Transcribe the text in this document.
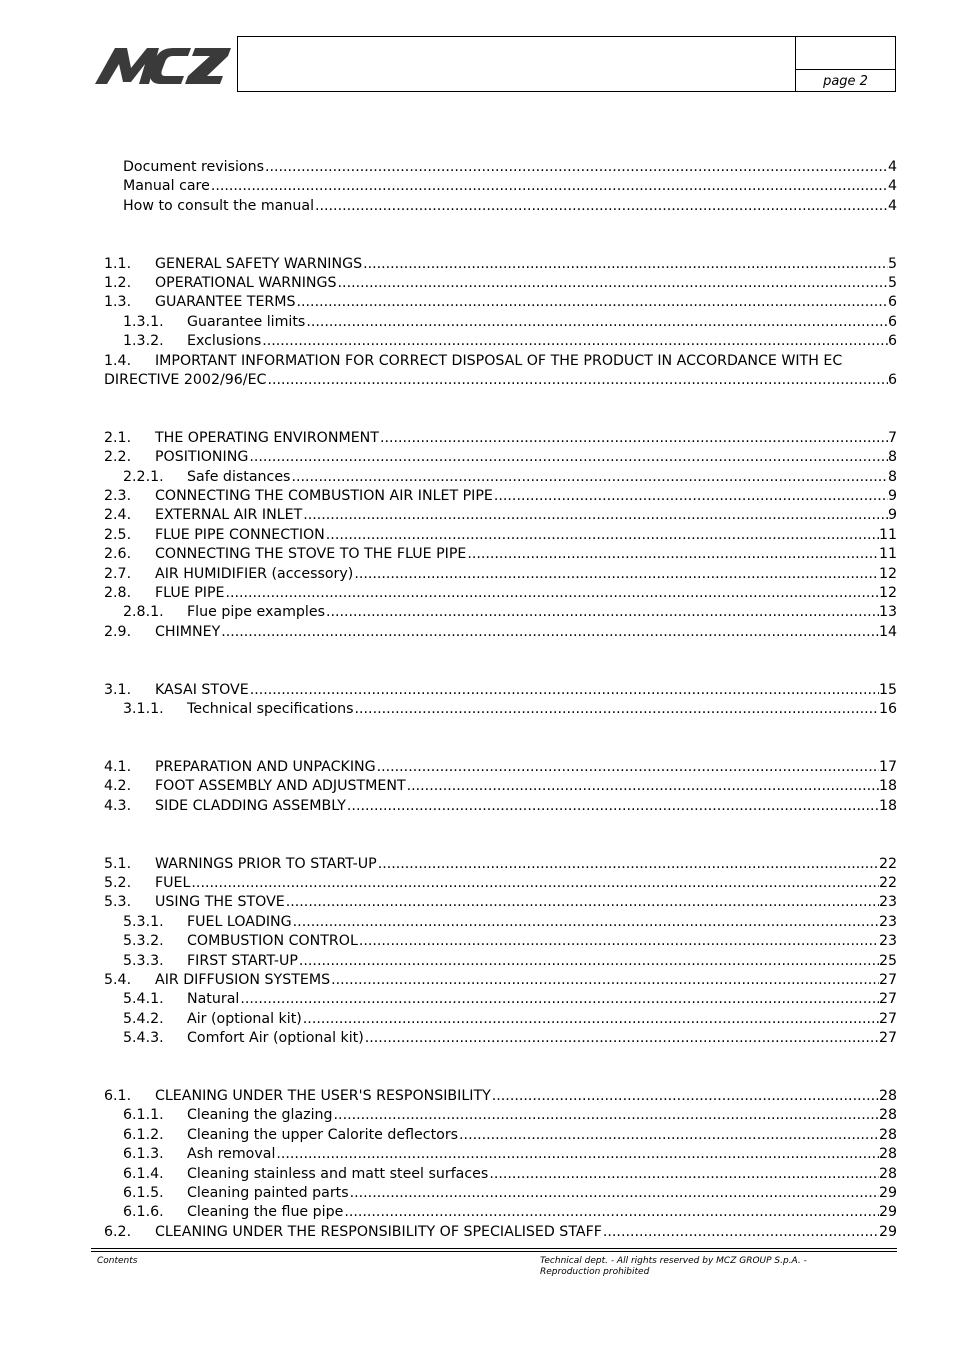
page 2
Document revisions .....	4
Manual care .....	4
How to consult the manual .....	4
1.1.	GENERAL SAFETY WARNINGS .....	5
1.2.	OPERATIONAL WARNINGS .....	5
1.3.	GUARANTEE TERMS .....	6
1.3.1.	Guarantee limits .....	6
1.3.2.	Exclusions .....	6
1.4. IMPORTANT INFORMATION FOR CORRECT DISPOSAL OF THE PRODUCT IN ACCORDANCE WITH EC
DIRECTIVE 2002/96/EC .....	6
2.1.	THE OPERATING ENVIRONMENT .....	7
2.2.	POSITIONING .....	8
2.2.1.	Safe distances .....	8
2.3.	CONNECTING THE COMBUSTION AIR INLET PIPE .....	9
2.4.	EXTERNAL AIR INLET .....	9
2.5.	FLUE PIPE CONNECTION .....	11
2.6.	CONNECTING THE STOVE TO THE FLUE PIPE .....	11
2.7.	AIR HUMIDIFIER (accessory) .....	12
2.8.	FLUE PIPE .....	12
2.8.1.	Flue pipe examples .....	13
2.9.	CHIMNEY .....	14
3.1.	KASAI STOVE .....	15
3.1.1.	Technical specifications .....	16
4.1.	PREPARATION AND UNPACKING .....	17
4.2.	FOOT ASSEMBLY AND ADJUSTMENT .....	18
4.3.	SIDE CLADDING ASSEMBLY .....	18
5.1.	WARNINGS PRIOR TO START-UP .....	22
5.2.	FUEL .....	22
5.3.	USING THE STOVE .....	23
5.3.1.	FUEL LOADING .....	23
5.3.2.	COMBUSTION CONTROL .....	23
5.3.3.	FIRST START-UP .....	25
5.4.	AIR DIFFUSION SYSTEMS .....	27
5.4.1.	Natural .....	27
5.4.2.	Air (optional kit) .....	27
5.4.3.	Comfort Air (optional kit) .....	27
6.1.	CLEANING UNDER THE USER'S RESPONSIBILITY .....	28
6.1.1.	Cleaning the glazing .....	28
6.1.2.	Cleaning the upper Calorite deflectors .....	28
6.1.3.	Ash removal .....	28
6.1.4.	Cleaning stainless and matt steel surfaces .....	28
6.1.5.	Cleaning painted parts .....	29
6.1.6.	Cleaning the flue pipe .....	29
6.2.	CLEANING UNDER THE RESPONSIBILITY OF SPECIALISED STAFF .....	29
Contents	Technical dept. - All rights reserved by MCZ GROUP S.p.A. - Reproduction prohibited
